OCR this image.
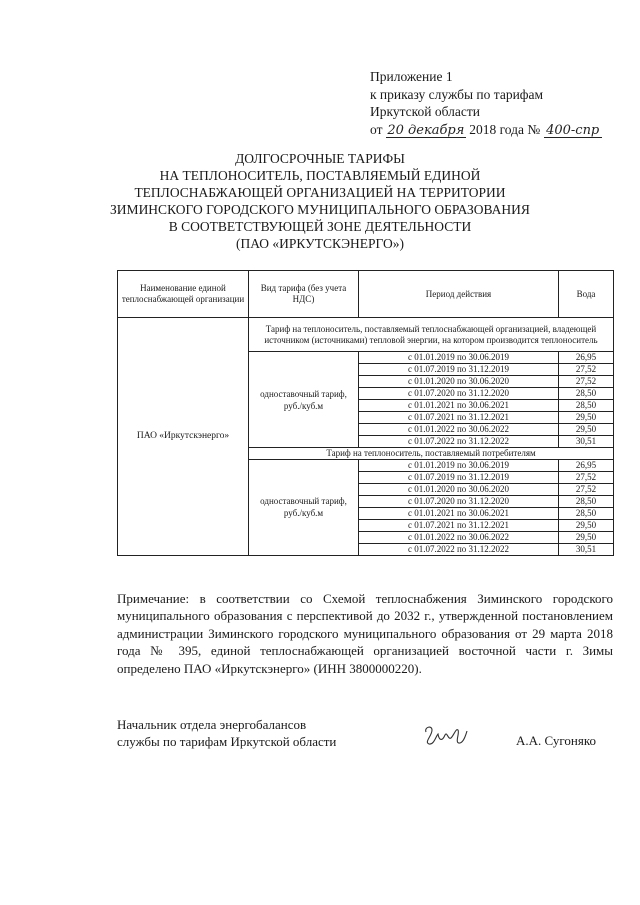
Приложение 1
к приказу службы по тарифам
Иркутской области
от 20 декабря 2018 года № 400-спр
ДОЛГОСРОЧНЫЕ ТАРИФЫ
НА ТЕПЛОНОСИТЕЛЬ, ПОСТАВЛЯЕМЫЙ ЕДИНОЙ
ТЕПЛОСНАБЖАЮЩЕЙ ОРГАНИЗАЦИЕЙ НА ТЕРРИТОРИИ
ЗИМИНСКОГО ГОРОДСКОГО МУНИЦИПАЛЬНОГО ОБРАЗОВАНИЯ
В СООТВЕТСТВУЮЩЕЙ ЗОНЕ ДЕЯТЕЛЬНОСТИ
(ПАО «ИРКУТСКЭНЕРГО»)
Наименование единой теплоснабжающей организации	Вид тарифа (без учета НДС)	Период действия	Вода
ПАО «Иркутскэнерго»	Тариф на теплоноситель, поставляемый теплоснабжающей организацией, владеющей источником (источниками) тепловой энергии, на котором производится теплоноситель		
	одноставочный тариф, руб./куб.м	с 01.01.2019 по 30.06.2019	26,95
		с 01.07.2019 по 31.12.2019	27,52
		с 01.01.2020 по 30.06.2020	27,52
		с 01.07.2020 по 31.12.2020	28,50
		с 01.01.2021 по 30.06.2021	28,50
		с 01.07.2021 по 31.12.2021	29,50
		с 01.01.2022 по 30.06.2022	29,50
		с 01.07.2022 по 31.12.2022	30,51
	Тариф на теплоноситель, поставляемый потребителям		
	одноставочный тариф, руб./куб.м	с 01.01.2019 по 30.06.2019	26,95
		с 01.07.2019 по 31.12.2019	27,52
		с 01.01.2020 по 30.06.2020	27,52
		с 01.07.2020 по 31.12.2020	28,50
		с 01.01.2021 по 30.06.2021	28,50
		с 01.07.2021 по 31.12.2021	29,50
		с 01.01.2022 по 30.06.2022	29,50
		с 01.07.2022 по 31.12.2022	30,51
Примечание: в соответствии со Схемой теплоснабжения Зиминского городского муниципального образования с перспективой до 2032 г., утвержденной постановлением администрации Зиминского городского муниципального образования от 29 марта 2018 года № 395, единой теплоснабжающей организацией восточной части г. Зимы определено ПАО «Иркутскэнерго» (ИНН 3800000220).
Начальник отдела энергобалансов
службы по тарифам Иркутской области	А.А. Сугоняко
